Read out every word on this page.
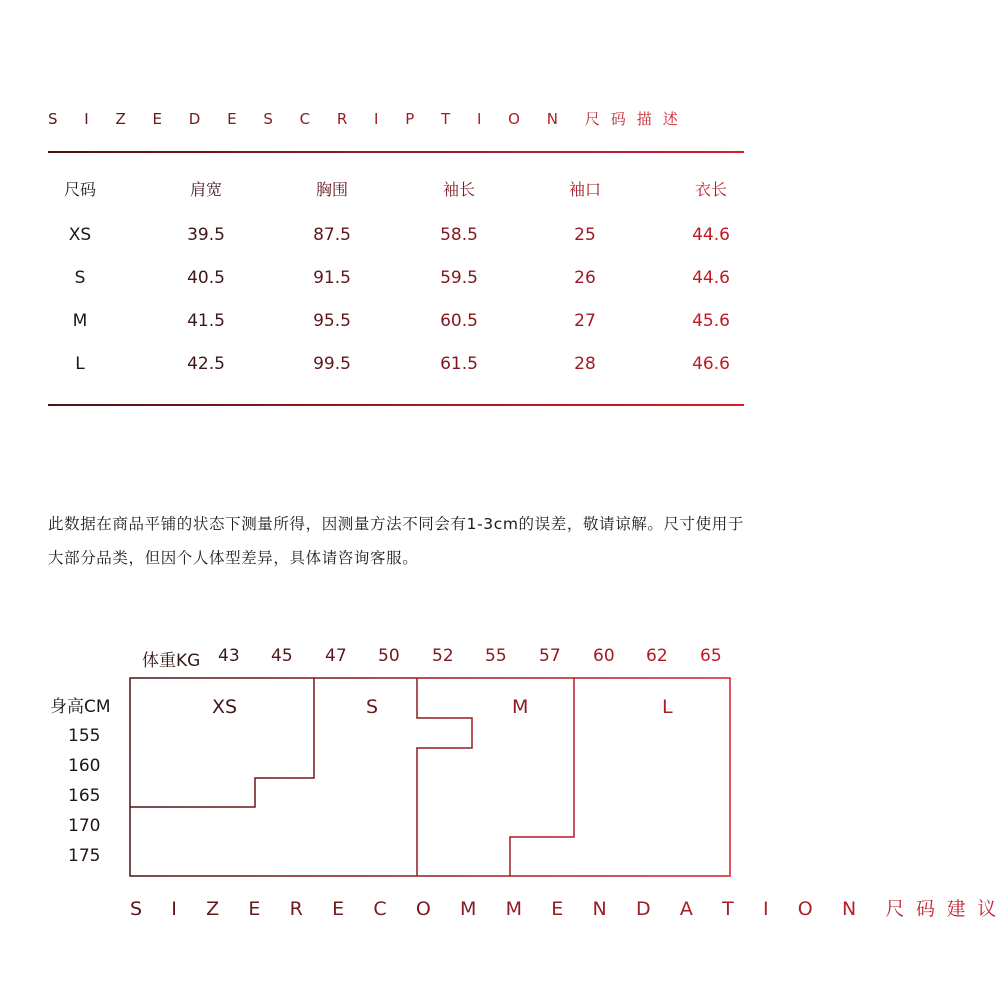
S I Z E D E S C R I P T I O N 尺码描述
尺码	肩宽	胸围	袖长	袖口	衣长
XS	39.5	87.5	58.5	25	44.6
S	40.5	91.5	59.5	26	44.6
M	41.5	95.5	60.5	27	45.6
L	42.5	99.5	61.5	28	46.6
此数据在商品平铺的状态下测量所得，因测量方法不同会有1-3cm的误差，敬请谅解。尺寸使用于大部分品类，但因个人体型差异，具体请咨询客服。
体重KG 43 45 47 50 52 55 57 60 62 65
身高CM
155
160
165
170
175
XS	S	M	L
S I Z E R E C O M M E N D A T I O N 尺码建议
